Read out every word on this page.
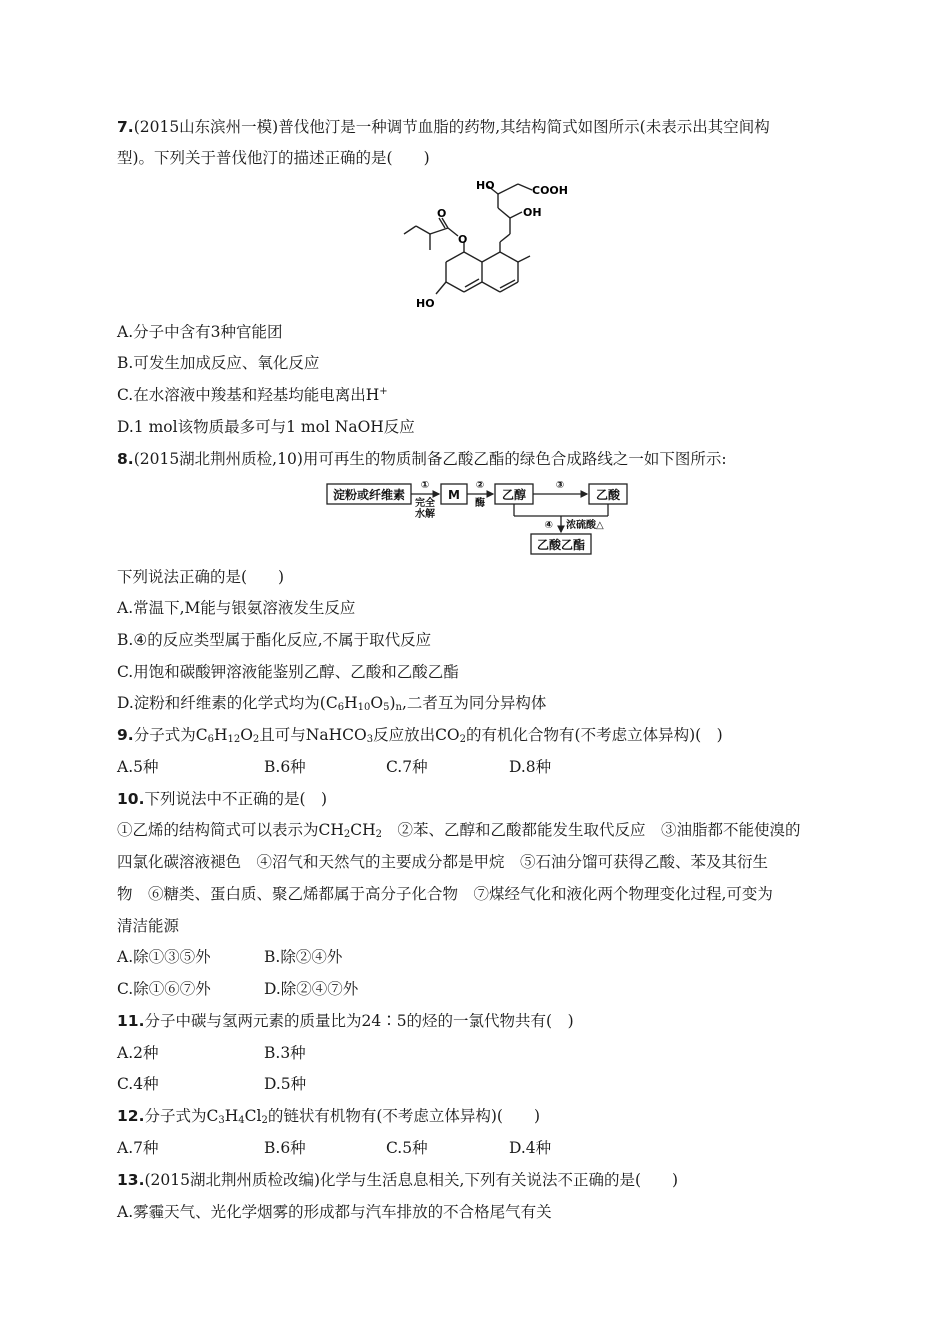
7.(2015山东滨州一模)普伐他汀是一种调节血脂的药物,其结构简式如图所示(未表示出其空间构
型)。下列关于普伐他汀的描述正确的是(　　)
HO	COOH
OH
O
O
HO
A.分子中含有3种官能团
B.可发生加成反应、氧化反应
C.在水溶液中羧基和羟基均能电离出H+
D.1 mol该物质最多可与1 mol NaOH反应
8.(2015湖北荆州质检,10)用可再生的物质制备乙酸乙酯的绿色合成路线之一如下图所示:
淀粉或纤维素	M	乙醇	乙酸
乙酸乙酯
①
完全
水解
②
酶
③
④ 浓硫酸△
下列说法正确的是(　　)
A.常温下,M能与银氨溶液发生反应
B.④的反应类型属于酯化反应,不属于取代反应
C.用饱和碳酸钾溶液能鉴别乙醇、乙酸和乙酸乙酯
D.淀粉和纤维素的化学式均为$(C_6H_{10}O_5)_n$,二者互为同分异构体
9.分子式为$C_6H_{12}O_2$且可与NaHCO$_3$反应放出$CO_2$的有机化合物有(不考虑立体异构)(　)
A.5种	B.6种	C.7种	D.8种
10.下列说法中不正确的是(　)
①乙烯的结构简式可以表示为$CH_2CH_2$　②苯、乙醇和乙酸都能发生取代反应　③油脂都不能使溴的
四氯化碳溶液褪色　④沼气和天然气的主要成分都是甲烷　⑤石油分馏可获得乙酸、苯及其衍生
物　⑥糖类、蛋白质、聚乙烯都属于高分子化合物　⑦煤经气化和液化两个物理变化过程,可变为
清洁能源
A.除①③⑤外	B.除②④外
C.除①⑥⑦外	D.除②④⑦外
11.分子中碳与氢两元素的质量比为24∶5的烃的一氯代物共有(　)
A.2种	B.3种
C.4种	D.5种
12.分子式为$C_3H_4Cl_2$的链状有机物有(不考虑立体异构)(　　)
A.7种	B.6种	C.5种	D.4种
13.(2015湖北荆州质检改编)化学与生活息息相关,下列有关说法不正确的是(　　)
A.雾霾天气、光化学烟雾的形成都与汽车排放的不合格尾气有关
